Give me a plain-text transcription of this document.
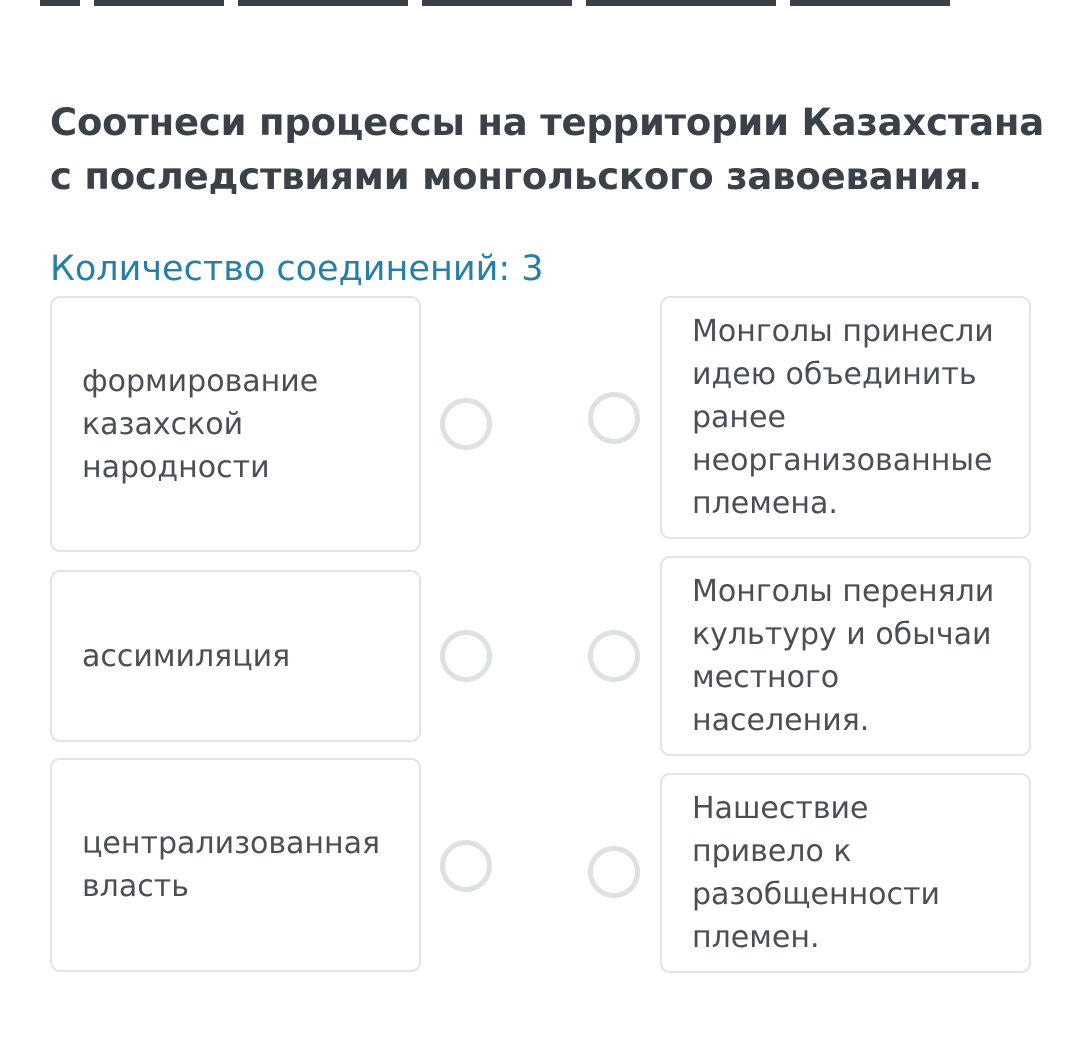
Соотнеси процессы на территории Казахстана
с последствиями монгольского завоевания.
Количество соединений: 3
формирование казахской народности
ассимиляция
централизованная власть
Монголы принесли идею объединить ранее неорганизованные племена.
Монголы переняли культуру и обычаи местного населения.
Нашествие привело к разобщенности племен.
